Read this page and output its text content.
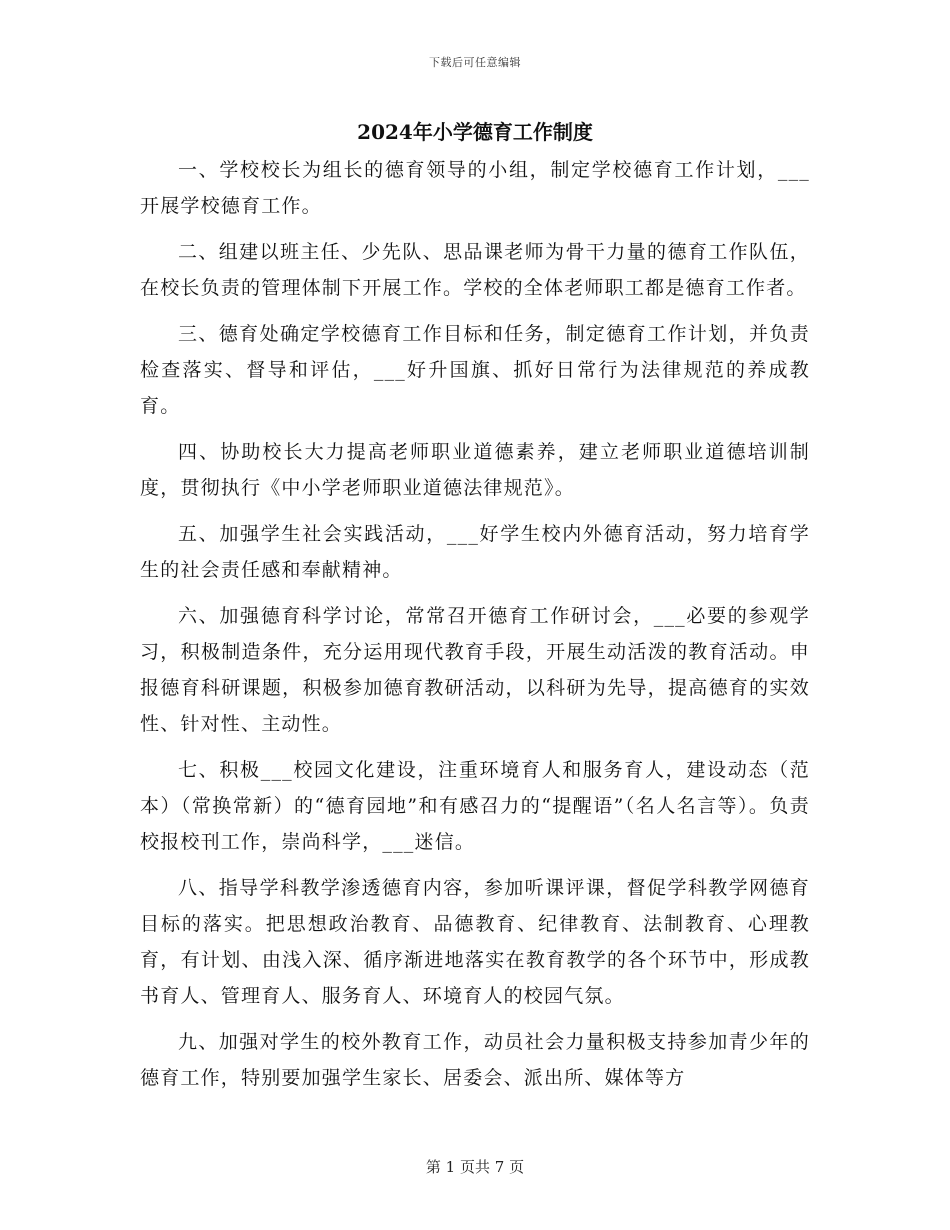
下载后可任意编辑
2024年小学德育工作制度

一、学校校长为组长的德育领导的小组，制定学校德育工作计划，___开展学校德育工作。

二、组建以班主任、少先队、思品课老师为骨干力量的德育工作队伍，在校长负责的管理体制下开展工作。学校的全体老师职工都是德育工作者。

三、德育处确定学校德育工作目标和任务，制定德育工作计划，并负责检查落实、督导和评估，___好升国旗、抓好日常行为法律规范的养成教育。

四、协助校长大力提高老师职业道德素养，建立老师职业道德培训制度，贯彻执行《中小学老师职业道德法律规范》。

五、加强学生社会实践活动，___好学生校内外德育活动，努力培育学生的社会责任感和奉献精神。

六、加强德育科学讨论，常常召开德育工作研讨会，___必要的参观学习，积极制造条件，充分运用现代教育手段，开展生动活泼的教育活动。申报德育科研课题，积极参加德育教研活动，以科研为先导，提高德育的实效性、针对性、主动性。

七、积极___校园文化建设，注重环境育人和服务育人，建设动态（范本）（常换常新）的“德育园地”和有感召力的“提醒语”（名人名言等）。负责校报校刊工作，崇尚科学，___迷信。

八、指导学科教学渗透德育内容，参加听课评课，督促学科教学网德育目标的落实。把思想政治教育、品德教育、纪律教育、法制教育、心理教育，有计划、由浅入深、循序渐进地落实在教育教学的各个环节中，形成教书育人、管理育人、服务育人、环境育人的校园气氛。

九、加强对学生的校外教育工作，动员社会力量积极支持参加青少年的德育工作，特别要加强学生家长、居委会、派出所、媒体等方

第 1 页共 7 页
